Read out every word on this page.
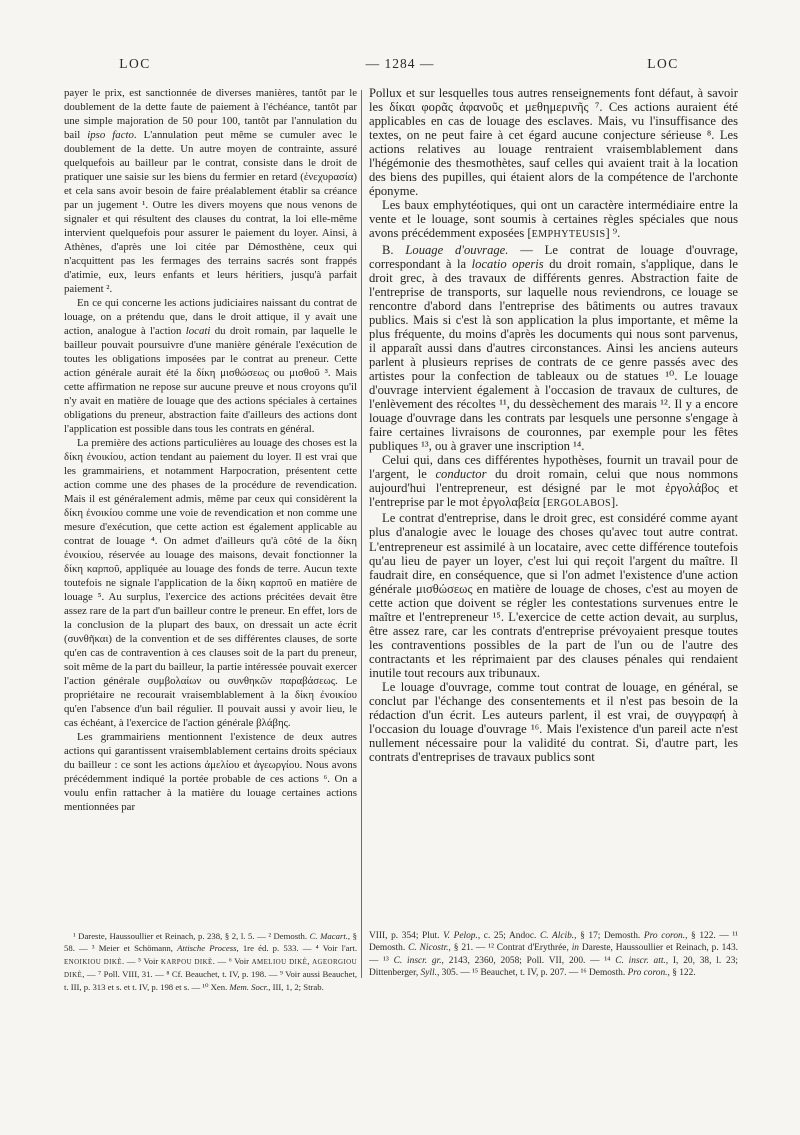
LOC	— 1284 —	LOC

payer le prix, est sanctionnée de diverses manières, tantôt par le doublement de la dette faute de paiement à l'échéance, tantôt par une simple majoration de 50 pour 100, tantôt par l'annulation du bail ipso facto. L'annulation peut même se cumuler avec le doublement de la dette. Un autre moyen de contrainte, assuré quelquefois au bailleur par le contrat, consiste dans le droit de pratiquer une saisie sur les biens du fermier en retard (ἐνεχυρασία) et cela sans avoir besoin de faire préalablement établir sa créance par un jugement ¹. Outre les divers moyens que nous venons de signaler et qui résultent des clauses du contrat, la loi elle-même intervient quelquefois pour assurer le paiement du loyer. Ainsi, à Athènes, d'après une loi citée par Démosthène, ceux qui n'acquittent pas les fermages des terrains sacrés sont frappés d'atimie, eux, leurs enfants et leurs héritiers, jusqu'à parfait paiement ².

En ce qui concerne les actions judiciaires naissant du contrat de louage, on a prétendu que, dans le droit attique, il y avait une action, analogue à l'action locati du droit romain, par laquelle le bailleur pouvait poursuivre d'une manière générale l'exécution de toutes les obligations imposées par le contrat au preneur. Cette action générale aurait été la δίκη μισθώσεως ou μισθοῦ ³. Mais cette affirmation ne repose sur aucune preuve et nous croyons qu'il n'y avait en matière de louage que des actions spéciales à certaines obligations du preneur, abstraction faite d'ailleurs des actions dont l'application est possible dans tous les contrats en général.

La première des actions particulières au louage des choses est la δίκη ἐνοικίου, action tendant au paiement du loyer. Il est vrai que les grammairiens, et notamment Harpocration, présentent cette action comme une des phases de la procédure de revendication. Mais il est généralement admis, même par ceux qui considèrent la δίκη ἐνοικίου comme une voie de revendication et non comme une mesure d'exécution, que cette action est également applicable au contrat de louage ⁴. On admet d'ailleurs qu'à côté de la δίκη ἐνοικίου, réservée au louage des maisons, devait fonctionner la δίκη καρποῦ, appliquée au louage des fonds de terre. Aucun texte toutefois ne signale l'application de la δίκη καρποῦ en matière de louage ⁵. Au surplus, l'exercice des actions précitées devait être assez rare de la part d'un bailleur contre le preneur. En effet, lors de la conclusion de la plupart des baux, on dressait un acte écrit (συνθῆκαι) de la convention et de ses différentes clauses, de sorte qu'en cas de contravention à ces clauses soit de la part du preneur, soit même de la part du bailleur, la partie intéressée pouvait exercer l'action générale συμβολαίων ou συνθηκῶν παραβάσεως. Le propriétaire ne recourait vraisemblablement à la δίκη ἐνοικίου qu'en l'absence d'un bail régulier. Il pouvait aussi y avoir lieu, le cas échéant, à l'exercice de l'action générale βλάβης.

Les grammairiens mentionnent l'existence de deux autres actions qui garantissent vraisemblablement certains droits spéciaux du bailleur : ce sont les actions ἀμελίου et ἀγεωργίου. Nous avons précédemment indiqué la portée probable de ces actions ⁶. On a voulu enfin rattacher à la matière du louage certaines actions mentionnées par

Pollux et sur lesquelles tous autres renseignements font défaut, à savoir les δίκαι φορᾶς ἀφανοῦς et μεθημερινῆς ⁷. Ces actions auraient été applicables en cas de louage des esclaves. Mais, vu l'insuffisance des textes, on ne peut faire à cet égard aucune conjecture sérieuse ⁸. Les actions relatives au louage rentraient vraisemblablement dans l'hégémonie des thesmothètes, sauf celles qui avaient trait à la location des biens des pupilles, qui étaient alors de la compétence de l'archonte éponyme.

Les baux emphytéotiques, qui ont un caractère intermédiaire entre la vente et le louage, sont soumis à certaines règles spéciales que nous avons précédemment exposées [EMPHYTEUSIS] ⁹.

B. Louage d'ouvrage. — Le contrat de louage d'ouvrage, correspondant à la locatio operis du droit romain, s'applique, dans le droit grec, à des travaux de différents genres. Abstraction faite de l'entreprise de transports, sur laquelle nous reviendrons, ce louage se rencontre d'abord dans l'entreprise des bâtiments ou autres travaux publics. Mais si c'est là son application la plus importante, et même la plus fréquente, du moins d'après les documents qui nous sont parvenus, il apparaît aussi dans d'autres circonstances. Ainsi les anciens auteurs parlent à plusieurs reprises de contrats de ce genre passés avec des artistes pour la confection de tableaux ou de statues ¹⁰. Le louage d'ouvrage intervient également à l'occasion de travaux de cultures, de l'enlèvement des récoltes ¹¹, du dessèchement des marais ¹². Il y a encore louage d'ouvrage dans les contrats par lesquels une personne s'engage à faire certaines livraisons de couronnes, par exemple pour les fêtes publiques ¹³, ou à graver une inscription ¹⁴.

Celui qui, dans ces différentes hypothèses, fournit un travail pour de l'argent, le conductor du droit romain, celui que nous nommons aujourd'hui l'entrepreneur, est désigné par le mot ἐργολάβος et l'entreprise par le mot ἐργολαβεία [ERGOLABOS].

Le contrat d'entreprise, dans le droit grec, est considéré comme ayant plus d'analogie avec le louage des choses qu'avec tout autre contrat. L'entrepreneur est assimilé à un locataire, avec cette différence toutefois qu'au lieu de payer un loyer, c'est lui qui reçoit l'argent du maître. Il faudrait dire, en conséquence, que si l'on admet l'existence d'une action générale μισθώσεως en matière de louage de choses, c'est au moyen de cette action que doivent se régler les contestations survenues entre le maître et l'entrepreneur ¹⁵. L'exercice de cette action devait, au surplus, être assez rare, car les contrats d'entreprise prévoyaient presque toutes les contraventions possibles de la part de l'un ou de l'autre des contractants et les réprimaient par des clauses pénales qui rendaient inutile tout recours aux tribunaux.

Le louage d'ouvrage, comme tout contrat de louage, en général, se conclut par l'échange des consentements et il n'est pas besoin de la rédaction d'un écrit. Les auteurs parlent, il est vrai, de συγγραφή à l'occasion du louage d'ouvrage ¹⁶. Mais l'existence d'un pareil acte n'est nullement nécessaire pour la validité du contrat. Si, d'autre part, les contrats d'entreprises de travaux publics sont

¹ Dareste, Haussoullier et Reinach, p. 238, § 2, l. 5. — ² Demosth. C. Macart., § 58. — ³ Meier et Schömann, Attische Process, 1re éd. p. 533. — ⁴ Voir l'art. ENOIKIOU DIKÈ. — ⁵ Voir KARPOU DIKÈ. — ⁶ Voir AMELIOU DIKÈ, AGEORGIOU DIKÈ, — ⁷ Poll. VIII, 31. — ⁸ Cf. Beauchet, t. IV, p. 198. — ⁹ Voir aussi Beauchet, t. III, p. 313 et s. et t. IV, p. 198 et s. — ¹⁰ Xen. Mem. Socr., III, 1, 2; Strab.

VIII, p. 354; Plut. V. Pelop., c. 25; Andoc. C. Alcib., § 17; Demosth. Pro coron., § 122. — ¹¹ Demosth. C. Nicostr., § 21. — ¹² Contrat d'Erythrée, in Dareste, Haussoullier et Reinach, p. 143. — ¹³ C. inscr. gr., 2143, 2360, 2058; Poll. VII, 200. — ¹⁴ C. inscr. att., I, 20, 38, l. 23; Dittenberger, Syll., 305. — ¹⁵ Beauchet, t. IV, p. 207. — ¹⁶ Demosth. Pro coron., § 122.
